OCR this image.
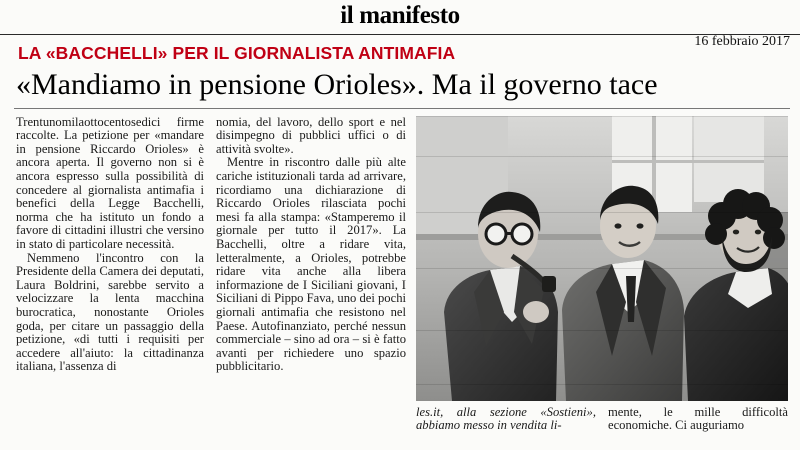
il manifesto
16 febbraio 2017
LA «BACCHELLI» PER IL GIORNALISTA ANTIMAFIA
«Mandiamo in pensione Orioles». Ma il governo tace

Trentunomilaottocentosedici firme raccolte. La petizione per «mandare in pensione Riccardo Orioles» è ancora aperta. Il governo non si è ancora espresso sulla possibilità di concedere al giornalista antimafia i benefici della Legge Bacchelli, norma che ha istituto un fondo a favore di cittadini illustri che versino in stato di particolare necessità.

Nemmeno l'incontro con la Presidente della Camera dei deputati, Laura Boldrini, sarebbe servito a velocizzare la lenta macchina burocratica, nonostante Orioles goda, per citare un passaggio della petizione, «di tutti i requisiti per accedere all'aiuto: la cittadinanza italiana, l'assenza di

nomia, del lavoro, dello sport e nel disimpegno di pubblici uffici o di attività svolte».

Mentre in riscontro dalle più alte cariche istituzionali tarda ad arrivare, ricordiamo una dichiarazione di Riccardo Orioles rilasciata pochi mesi fa alla stampa: «Stamperemo il giornale per tutto il 2017». La Bacchelli, oltre a ridare vita, letteralmente, a Orioles, potrebbe ridare vita anche alla libera informazione de I Siciliani giovani, I Siciliani di Pippo Fava, uno dei pochi giornali antimafia che resistono nel Paese. Autofinanziato, perché nessun commerciale – sino ad ora – si è fatto avanti per richiedere uno spazio pubblicitario.

les.it, alla sezione «Sostieni», abbiamo messo in vendita li-
mente, le mille difficoltà economiche. Ci auguriamo
